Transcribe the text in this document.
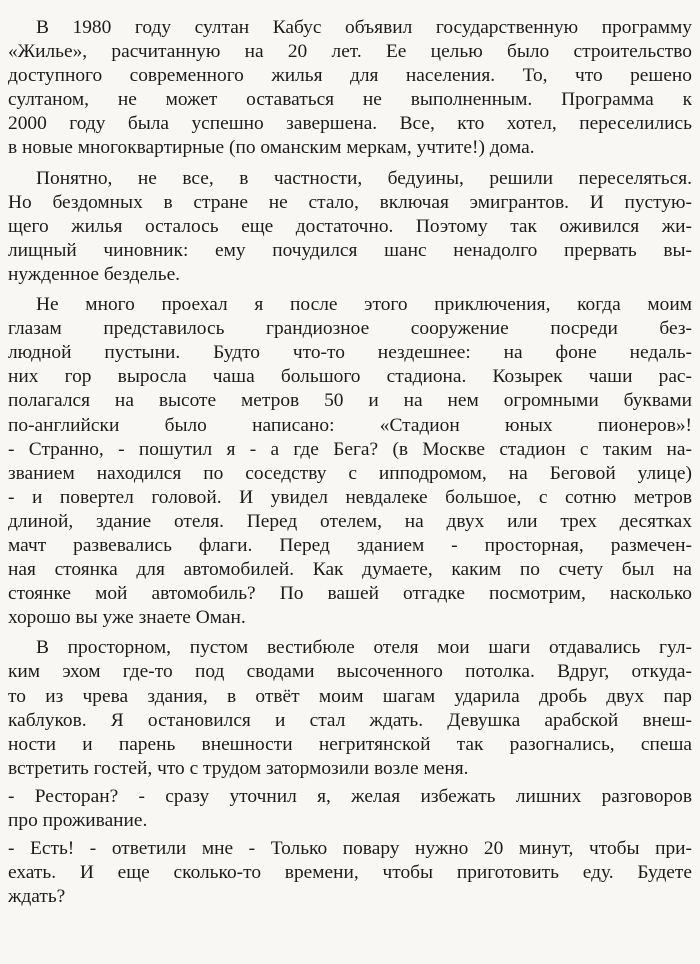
В 1980 году султан Кабус объявил государственную программу
«Жилье», расчитанную на 20 лет. Ее целью было строительство
доступного современного жилья для населения. То, что решено
султаном, не может оставаться не выполненным. Программа к
2000 году была успешно завершена. Все, кто хотел, переселились
в новые многоквартирные (по оманским меркам, учтите!) дома.
Понятно, не все, в частности, бедуины, решили переселяться.
Но бездомных в стране не стало, включая эмигрантов. И пустую-
щего жилья осталось еще достаточно. Поэтому так оживился жи-
лищный чиновник: ему почудился шанс ненадолго прервать вы-
нужденное безделье.
Не много проехал я после этого приключения, когда моим
глазам представилось грандиозное сооружение посреди без-
людной пустыни. Будто что-то нездешнее: на фоне недаль-
них гор выросла чаша большого стадиона. Козырек чаши рас-
полагался на высоте метров 50 и на нем огромными буквами
по-английски было написано: «Стадион юных пионеров»!
- Странно, - пошутил я - а где Бега? (в Москве стадион с таким на-
званием находился по соседству с ипподромом, на Беговой улице)
- и повертел головой. И увидел невдалеке большое, с сотню метров
длиной, здание отеля. Перед отелем, на двух или трех десятках
мачт развевались флаги. Перед зданием - просторная, размечен-
ная стоянка для автомобилей. Как думаете, каким по счету был на
стоянке мой автомобиль? По вашей отгадке посмотрим, насколько
хорошо вы уже знаете Оман.
В просторном, пустом вестибюле отеля мои шаги отдавались гул-
ким эхом где-то под сводами высоченного потолка. Вдруг, откуда-
то из чрева здания, в отвёт моим шагам ударила дробь двух пар
каблуков. Я остановился и стал ждать. Девушка арабской внеш-
ности и парень внешности негритянской так разогнались, спеша
встретить гостей, что с трудом затормозили возле меня.
- Ресторан? - сразу уточнил я, желая избежать лишних разговоров
про проживание.
- Есть! - ответили мне - Только повару нужно 20 минут, чтобы при-
ехать. И еще сколько-то времени, чтобы приготовить еду. Будете
ждать?
